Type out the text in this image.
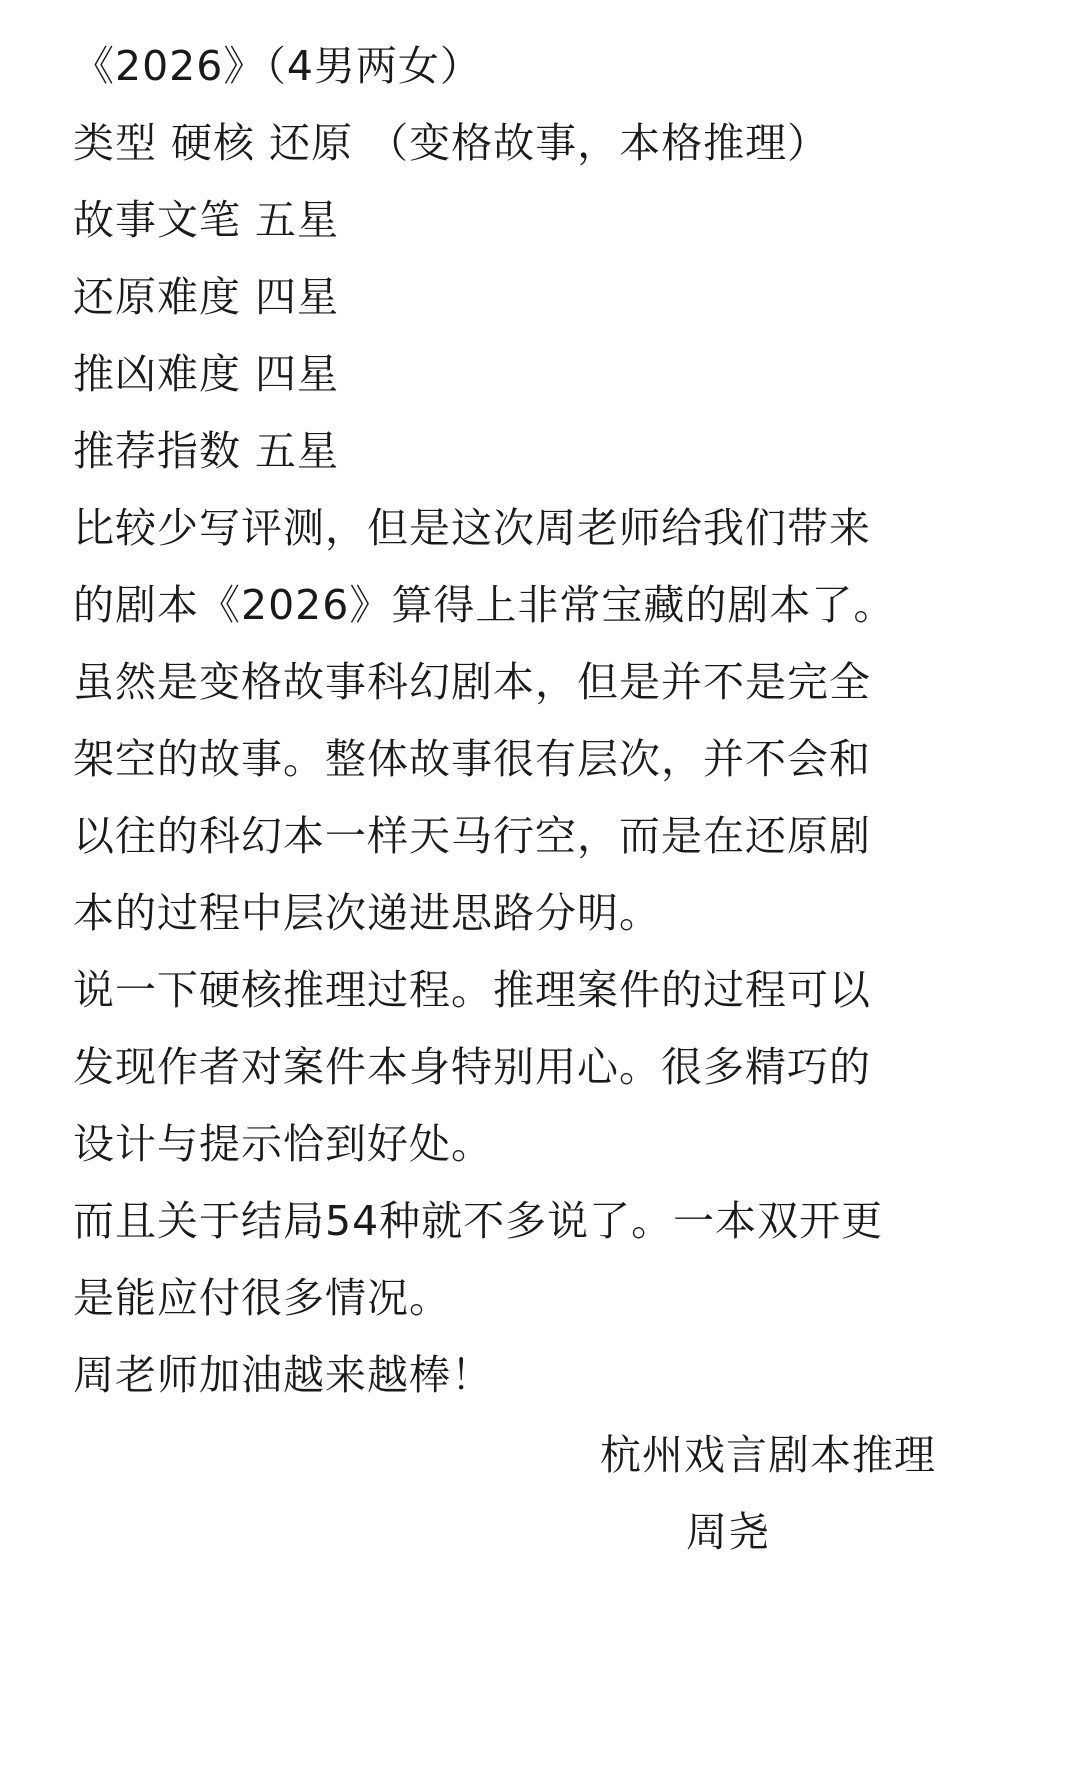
《2026》（4男两女）
类型 硬核 还原 （变格故事，本格推理）
故事文笔 五星
还原难度 四星
推凶难度 四星
推荐指数 五星
比较少写评测，但是这次周老师给我们带来
的剧本《2026》算得上非常宝藏的剧本了。
虽然是变格故事科幻剧本，但是并不是完全
架空的故事。整体故事很有层次，并不会和
以往的科幻本一样天马行空，而是在还原剧
本的过程中层次递进思路分明。
说一下硬核推理过程。推理案件的过程可以
发现作者对案件本身特别用心。很多精巧的
设计与提示恰到好处。
而且关于结局54种就不多说了。一本双开更
是能应付很多情况。
周老师加油越来越棒！
杭州戏言剧本推理
周尧
